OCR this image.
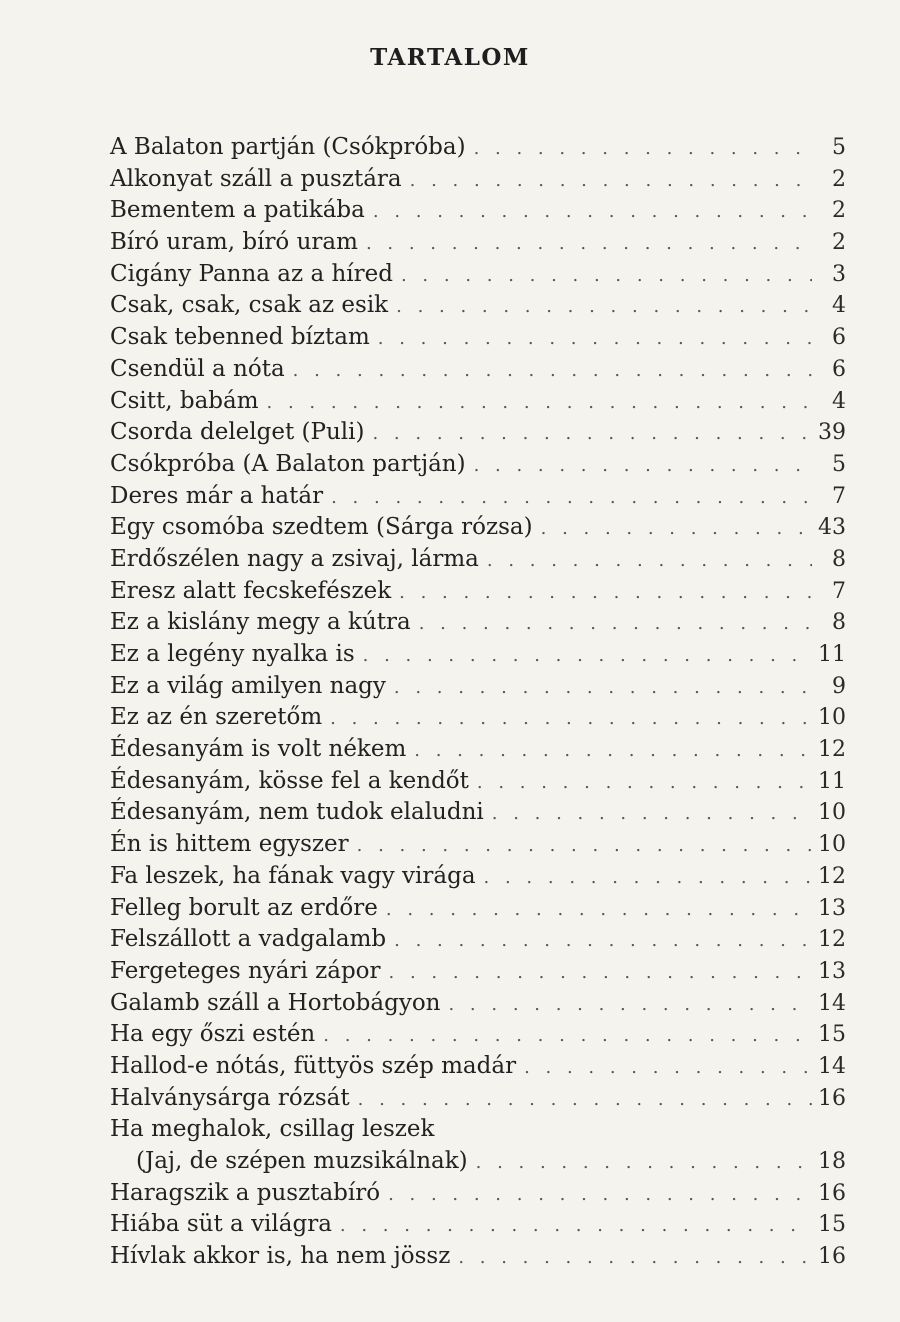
TARTALOM
A Balaton partján (Csókpróba) . . .	5
Alkonyat száll a pusztára . . .	2
Bementem a patikába . . .	2
Bíró uram, bíró uram . . .	2
Cigány Panna az a híred . . .	3
Csak, csak, csak az esik . . .	4
Csak tebenned bíztam . . .	6
Csendül a nóta . . .	6
Csitt, babám . . .	4
Csorda delelget (Puli) . . .	39
Csókpróba (A Balaton partján) . . .	5
Deres már a határ . . .	7
Egy csomóba szedtem (Sárga rózsa) . . .	43
Erdőszélen nagy a zsivaj, lárma . . .	8
Eresz alatt fecskefészek . . .	7
Ez a kislány megy a kútra . . .	8
Ez a legény nyalka is . . .	11
Ez a világ amilyen nagy . . .	9
Ez az én szeretőm . . .	10
Édesanyám is volt nékem . . .	12
Édesanyám, kösse fel a kendőt . . .	11
Édesanyám, nem tudok elaludni . . .	10
Én is hittem egyszer . . .	10
Fa leszek, ha fának vagy virága . . .	12
Felleg borult az erdőre . . .	13
Felszállott a vadgalamb . . .	12
Fergeteges nyári zápor . . .	13
Galamb száll a Hortobágyon . . .	14
Ha egy őszi estén . . .	15
Hallod-e nótás, füttyös szép madár . . .	14
Halványsárga rózsát . . .	16
Ha meghalok, csillag leszek
(Jaj, de szépen muzsikálnak) . . .	18
Haragszik a pusztabíró . . .	16
Hiába süt a világra . . .	15
Hívlak akkor is, ha nem jössz . . .	16
